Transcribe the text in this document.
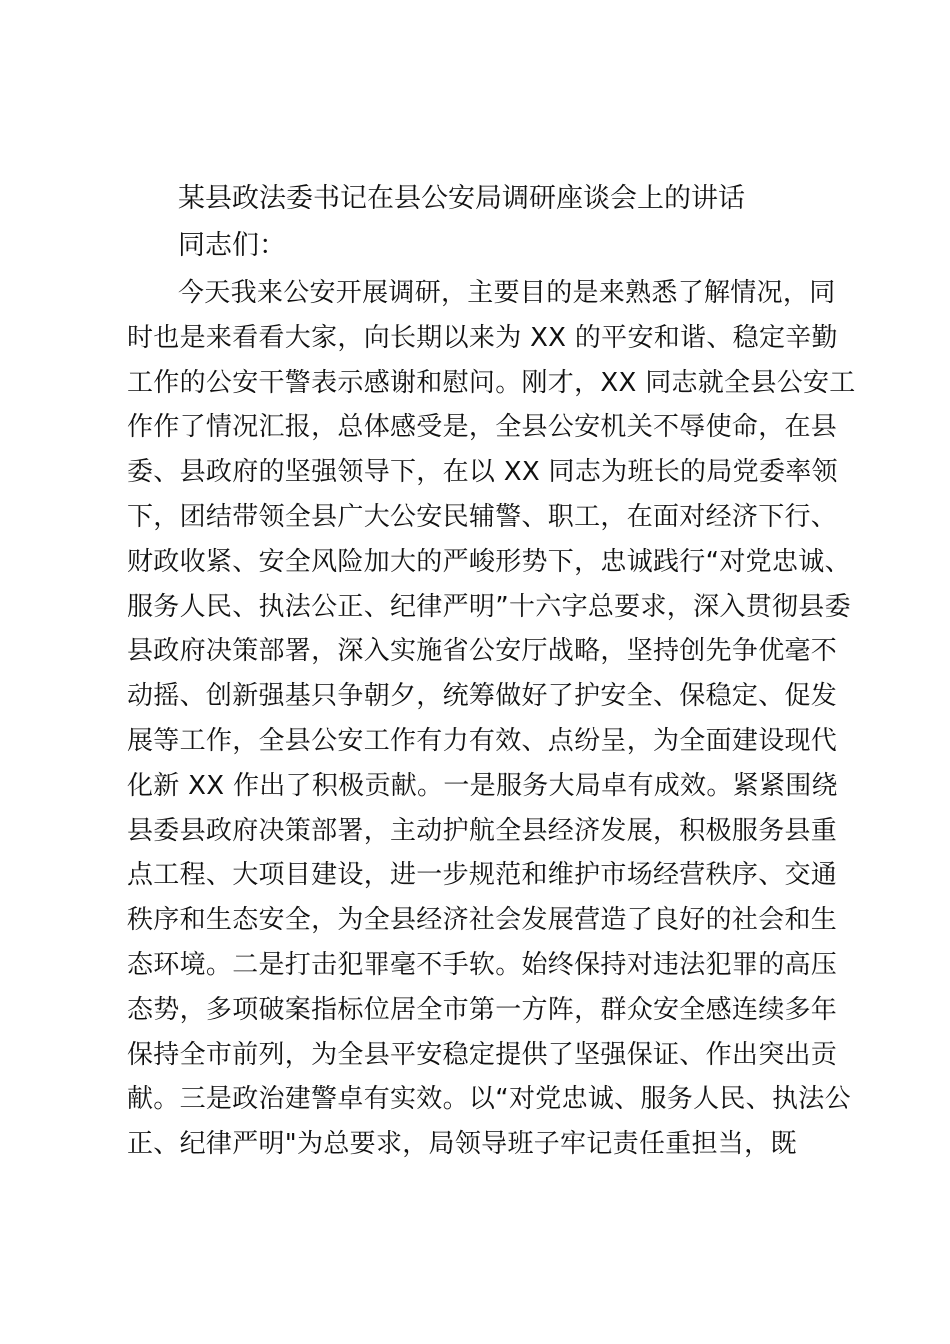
某县政法委书记在县公安局调研座谈会上的讲话

同志们：

今天我来公安开展调研，主要目的是来熟悉了解情况，同
时也是来看看大家，向长期以来为 XX 的平安和谐、稳定辛勤
工作的公安干警表示感谢和慰问。刚才，XX 同志就全县公安工
作作了情况汇报，总体感受是，全县公安机关不辱使命，在县
委、县政府的坚强领导下，在以 XX 同志为班长的局党委率领
下，团结带领全县广大公安民辅警、职工，在面对经济下行、
财政收紧、安全风险加大的严峻形势下，忠诚践行“对党忠诚、
服务人民、执法公正、纪律严明”十六字总要求，深入贯彻县委
县政府决策部署，深入实施省公安厅战略，坚持创先争优毫不
动摇、创新强基只争朝夕，统筹做好了护安全、保稳定、促发
展等工作，全县公安工作有力有效、点纷呈，为全面建设现代
化新 XX 作出了积极贡献。一是服务大局卓有成效。紧紧围绕
县委县政府决策部署，主动护航全县经济发展，积极服务县重
点工程、大项目建设，进一步规范和维护市场经营秩序、交通
秩序和生态安全，为全县经济社会发展营造了良好的社会和生
态环境。二是打击犯罪毫不手软。始终保持对违法犯罪的高压
态势，多项破案指标位居全市第一方阵，群众安全感连续多年
保持全市前列，为全县平安稳定提供了坚强保证、作出突出贡
献。三是政治建警卓有实效。以“对党忠诚、服务人民、执法公
正、纪律严明"为总要求，局领导班子牢记责任重担当，既
